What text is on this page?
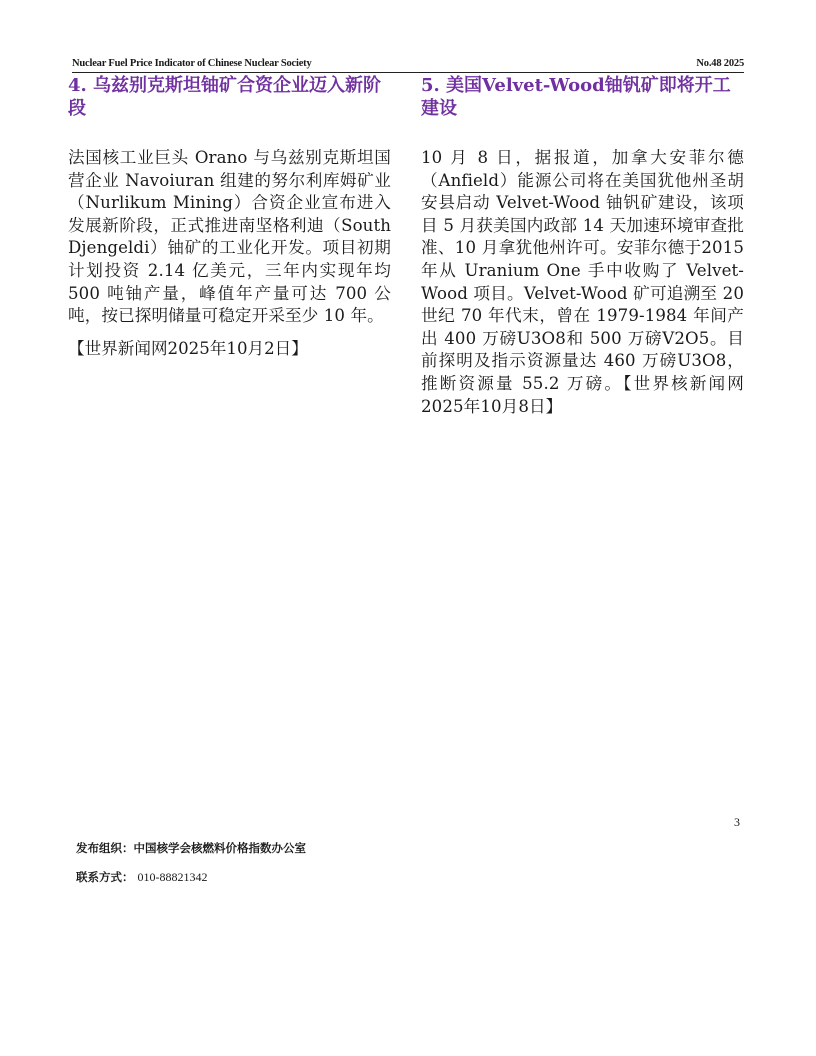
Nuclear Fuel Price Indicator of Chinese Nuclear Society	No.48 2025
4. 乌兹别克斯坦铀矿合资企业迈入新阶段

法国核工业巨头 Orano 与乌兹别克斯坦国营企业 Navoiuran 组建的努尔利库姆矿业（Nurlikum Mining）合资企业宣布进入发展新阶段，正式推进南坚格利迪（South Djengeldi）铀矿的工业化开发。项目初期计划投资 2.14 亿美元，三年内实现年均 500 吨铀产量，峰值年产量可达 700 公吨，按已探明储量可稳定开采至少 10 年。

【世界新闻网2025年10月2日】
5. 美国Velvet-Wood铀钒矿即将开工建设

10 月 8 日，据报道，加拿大安菲尔德（Anfield）能源公司将在美国犹他州圣胡安县启动 Velvet-Wood 铀钒矿建设，该项目 5 月获美国内政部 14 天加速环境审查批准、10 月拿犹他州许可。安菲尔德于2015年从 Uranium One 手中收购了 Velvet-Wood 项目。Velvet-Wood 矿可追溯至 20 世纪 70 年代末，曾在 1979-1984 年间产出 400 万磅U3O8和 500 万磅V2O5。目前探明及指示资源量达 460 万磅U3O8，推断资源量 55.2 万磅。【世界核新闻网 2025年10月8日】

3
发布组织：中国核学会核燃料价格指数办公室
联系方式： 010-88821342
